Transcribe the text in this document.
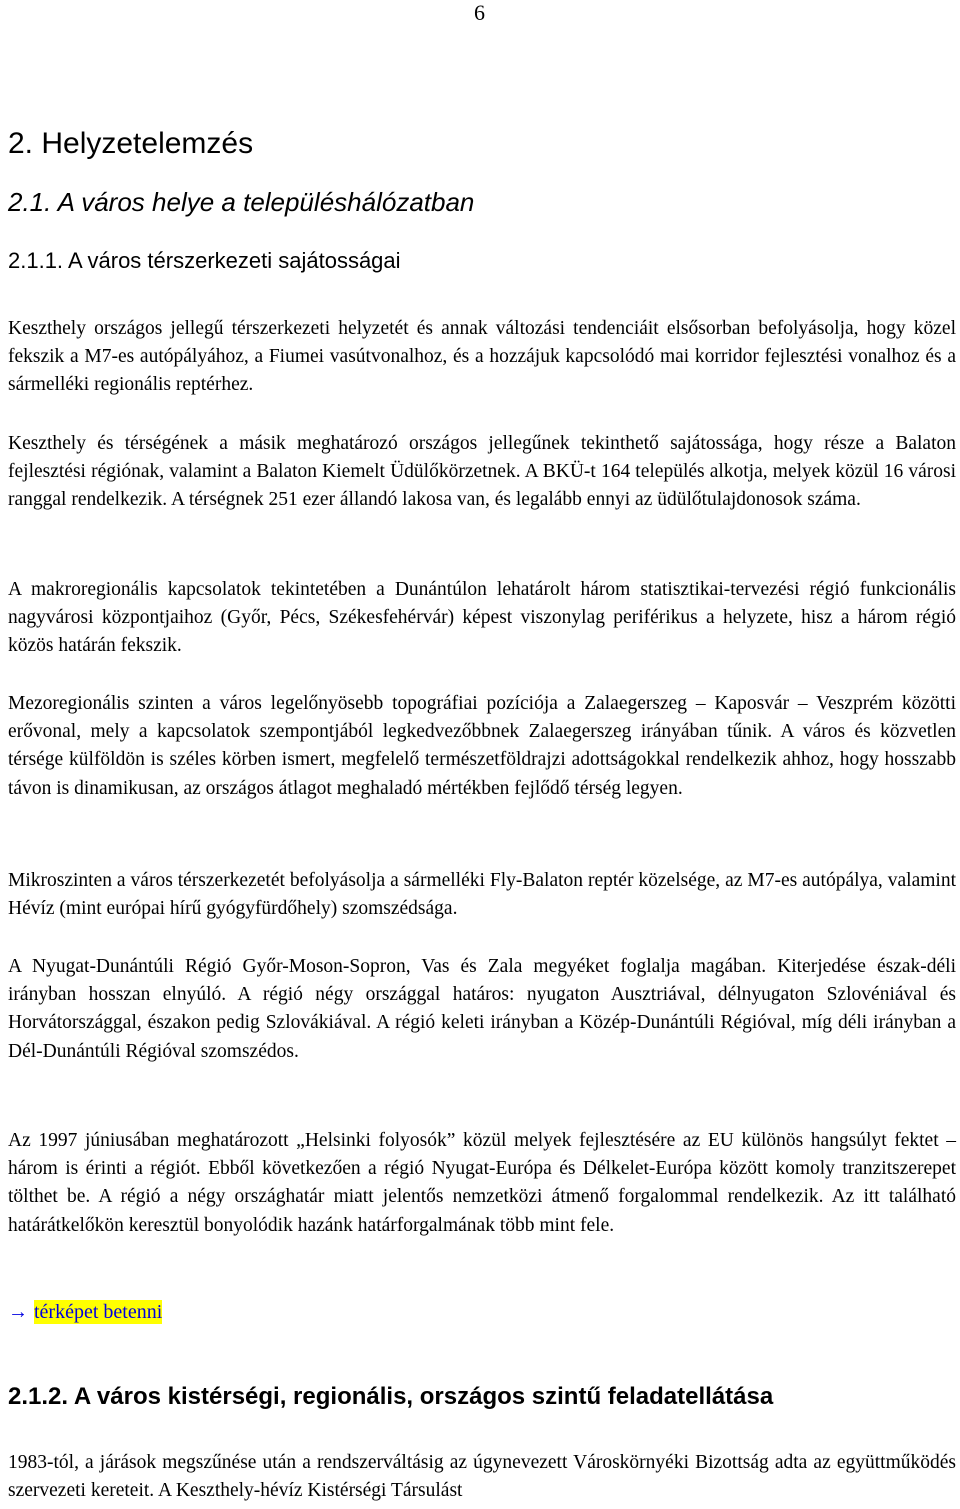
6
2. Helyzetelemzés
2.1. A város helye a településhálózatban
2.1.1. A város térszerkezeti sajátosságai

Keszthely országos jellegű térszerkezeti helyzetét és annak változási tendenciáit elsősorban befolyásolja, hogy közel fekszik a M7-es autópályához, a Fiumei vasútvonalhoz, és a hozzájuk kapcsolódó mai korridor fejlesztési vonalhoz és a sármelléki regionális reptérhez.

Keszthely és térségének a másik meghatározó országos jellegűnek tekinthető sajátossága, hogy része a Balaton fejlesztési régiónak, valamint a Balaton Kiemelt Üdülőkörzetnek. A BKÜ-t 164 település alkotja, melyek közül 16 városi ranggal rendelkezik. A térségnek 251 ezer állandó lakosa van, és legalább ennyi az üdülőtulajdonosok száma.

A makroregionális kapcsolatok tekintetében a Dunántúlon lehatárolt három statisztikai-tervezési régió funkcionális nagyvárosi központjaihoz (Győr, Pécs, Székesfehérvár) képest viszonylag periférikus a helyzete, hisz a három régió közös határán fekszik.

Mezoregionális szinten a város legelőnyösebb topográfiai pozíciója a Zalaegerszeg – Kaposvár – Veszprém közötti erővonal, mely a kapcsolatok szempontjából legkedvezőbbnek Zalaegerszeg irányában tűnik. A város és közvetlen térsége külföldön is széles körben ismert, megfelelő természetföldrajzi adottságokkal rendelkezik ahhoz, hogy hosszabb távon is dinamikusan, az országos átlagot meghaladó mértékben fejlődő térség legyen.

Mikroszinten a város térszerkezetét befolyásolja a sármelléki Fly-Balaton reptér közelsége, az M7-es autópálya, valamint Hévíz (mint európai hírű gyógyfürdőhely) szomszédsága.

A Nyugat-Dunántúli Régió Győr-Moson-Sopron, Vas és Zala megyéket foglalja magában. Kiterjedése észak-déli irányban hosszan elnyúló. A régió négy országgal határos: nyugaton Ausztriával, délnyugaton Szlovéniával és Horvátországgal, északon pedig Szlovákiával. A régió keleti irányban a Közép-Dunántúli Régióval, míg déli irányban a Dél-Dunántúli Régióval szomszédos.

Az 1997 júniusában meghatározott „Helsinki folyosók” közül melyek fejlesztésére az EU különös hangsúlyt fektet – három is érinti a régiót. Ebből következően a régió Nyugat-Európa és Délkelet-Európa között komoly tranzitszerepet tölthet be. A régió a négy országhatár miatt jelentős nemzetközi átmenő forgalommal rendelkezik. Az itt található határátkelőkön keresztül bonyolódik hazánk határforgalmának több mint fele.

→ térképet betenni
2.1.2. A város kistérségi, regionális, országos szintű feladatellátása

1983-tól, a járások megszűnése után a rendszerváltásig az úgynevezett Városkörnyéki Bizottság adta az együttműködés szervezeti kereteit. A Keszthely-hévíz Kistérségi Társulást
